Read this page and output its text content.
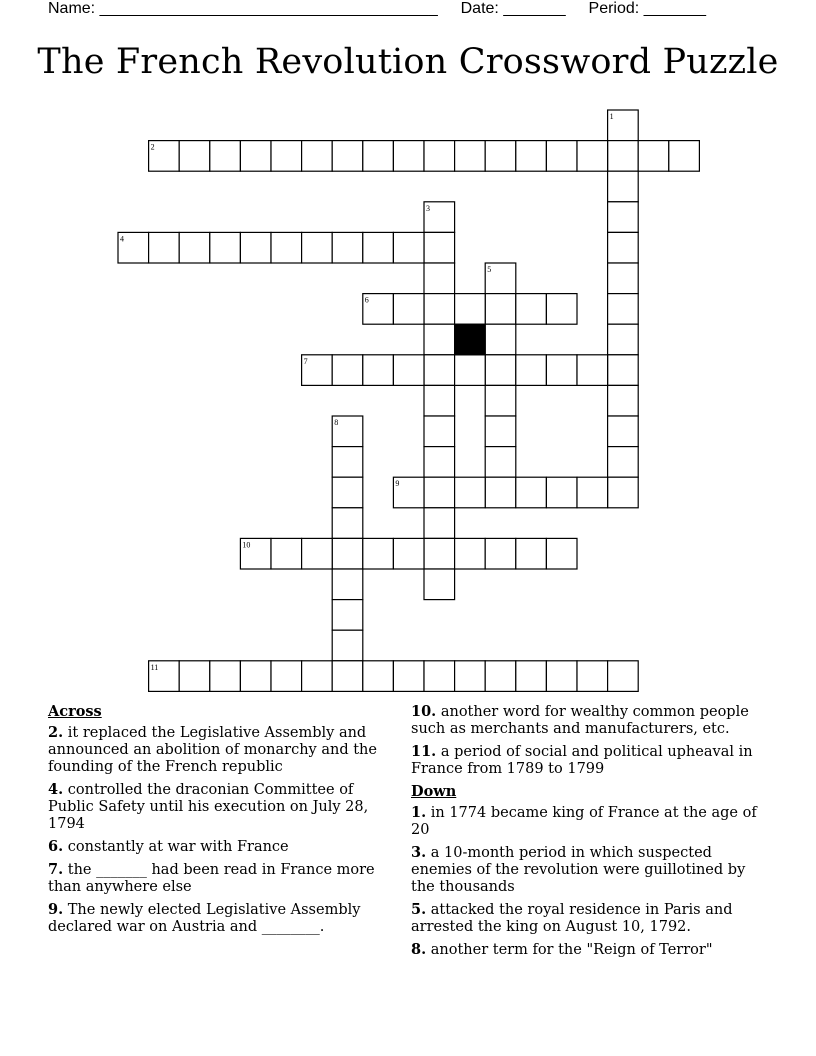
Name: ______________________________________ Date: _______ Period: _______
The French Revolution Crossword Puzzle
1
2
3
4
5
6
7
8
9
10
11
Across
2. it replaced the Legislative Assembly and announced an abolition of monarchy and the founding of the French republic
4. controlled the draconian Committee of Public Safety until his execution on July 28, 1794
6. constantly at war with France
7. the _______ had been read in France more than anywhere else
9. The newly elected Legislative Assembly declared war on Austria and ________.
10. another word for wealthy common people such as merchants and manufacturers, etc.
11. a period of social and political upheaval in France from 1789 to 1799
Down
1. in 1774 became king of France at the age of 20
3. a 10-month period in which suspected enemies of the revolution were guillotined by the thousands
5. attacked the royal residence in Paris and arrested the king on August 10, 1792.
8. another term for the "Reign of Terror"
